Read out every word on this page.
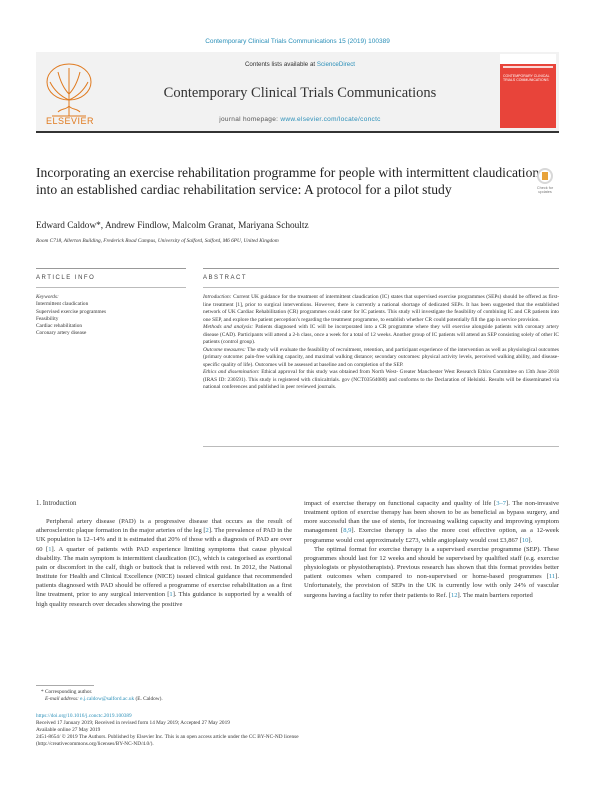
Contemporary Clinical Trials Communications 15 (2019) 100389
ELSEVIER
Contents lists available at ScienceDirect
Contemporary Clinical Trials Communications
journal homepage: www.elsevier.com/locate/conctc
CONTEMPORARY CLINICAL TRIALS COMMUNICATIONS
Incorporating an exercise rehabilitation programme for people with intermittent claudication into an established cardiac rehabilitation service: A protocol for a pilot study	Check for updates
Edward Caldow*, Andrew Findlow, Malcolm Granat, Mariyana Schoultz
Room C718, Allerton Building, Frederick Road Campus, University of Salford, Salford, M6 6PU, United Kingdom
ARTICLE INFO	ABSTRACT
Keywords:
Intermittent claudication
Supervised exercise programmes
Feasibility
Cardiac rehabilitation
Coronary artery disease

Introduction: Current UK guidance for the treatment of intermittent claudication (IC) states that supervised exercise programmes (SEPs) should be offered as first-line treatment [1], prior to surgical interventions. However, there is currently a national shortage of dedicated SEPs. It has been suggested that the established network of UK Cardiac Rehabilitation (CR) programmes could cater for IC patients. This study will investigate the feasibility of combining IC and CR patients into one SEP, and explore the patient perception's regarding the treatment programme, to establish whether CR could potentially fill the gap in service provision.

Methods and analysis: Patients diagnosed with IC will be incorporated into a CR programme where they will exercise alongside patients with coronary artery disease (CAD). Participants will attend a 2-h class, once a week for a total of 12 weeks. Another group of IC patients will attend an SEP consisting solely of other IC patients (control group).

Outcome measures: The study will evaluate the feasibility of recruitment, retention, and participant experience of the intervention as well as physiological outcomes (primary outcome: pain-free walking capacity, and maximal walking distance; secondary outcomes: physical activity levels, perceived walking ability, and disease-specific quality of life). Outcomes will be assessed at baseline and on completion of the SEP.

Ethics and dissemination: Ethical approval for this study was obtained from North West- Greater Manchester West Research Ethics Committee on 13th June 2018 (IRAS ID: 230591). This study is registered with clinicaltrials. gov (NCT03564080) and conforms to the Declaration of Helsinki. Results will be disseminated via national conferences and published in peer reviewed journals.

1. Introduction

Peripheral artery disease (PAD) is a progressive disease that occurs as the result of atherosclerotic plaque formation in the major arteries of the leg [2]. The prevalence of PAD in the UK population is 12–14% and it is estimated that 20% of those with a diagnosis of PAD are over 60 [1]. A quarter of patients with PAD experience limiting symptoms that cause physical disability. The main symptom is intermittent claudication (IC), which is categorised as exertional pain or discomfort in the calf, thigh or buttock that is relieved with rest. In 2012, the National Institute for Health and Clinical Excellence (NICE) issued clinical guidance that recommended patients diagnosed with PAD should be offered a programme of exercise rehabilitation as a first line treatment, prior to any surgical intervention [1]. This guidance is supported by a wealth of high quality research over decades showing the positive

impact of exercise therapy on functional capacity and quality of life [3–7]. The non-invasive treatment option of exercise therapy has been shown to be as beneficial as bypass surgery, and more successful than the use of stents, for increasing walking capacity and improving symptom management [8,9]. Exercise therapy is also the more cost effective option, as a 12-week programme would cost approximately £273, while angioplasty would cost £3,867 [10].

The optimal format for exercise therapy is a supervised exercise programme (SEP). These programmes should last for 12 weeks and should be supervised by qualified staff (e.g. exercise physiologists or physiotherapists). Previous research has shown that this format provides better patient outcomes when compared to non-supervised or home-based programmes [11]. Unfortunately, the provision of SEPs in the UK is currently low with only 24% of vascular surgeons having a facility to refer their patients to Ref. [12]. The main barriers reported

* Corresponding author.
E-mail address: e.j.caldow@salford.ac.uk (E. Caldow).
https://doi.org/10.1016/j.conctc.2019.100389
Received 17 January 2019; Received in revised form 14 May 2019; Accepted 27 May 2019
Available online 27 May 2019
2451-8654/ © 2019 The Authors. Published by Elsevier Inc. This is an open access article under the CC BY-NC-ND license
(http://creativecommons.org/licenses/BY-NC-ND/4.0/).
